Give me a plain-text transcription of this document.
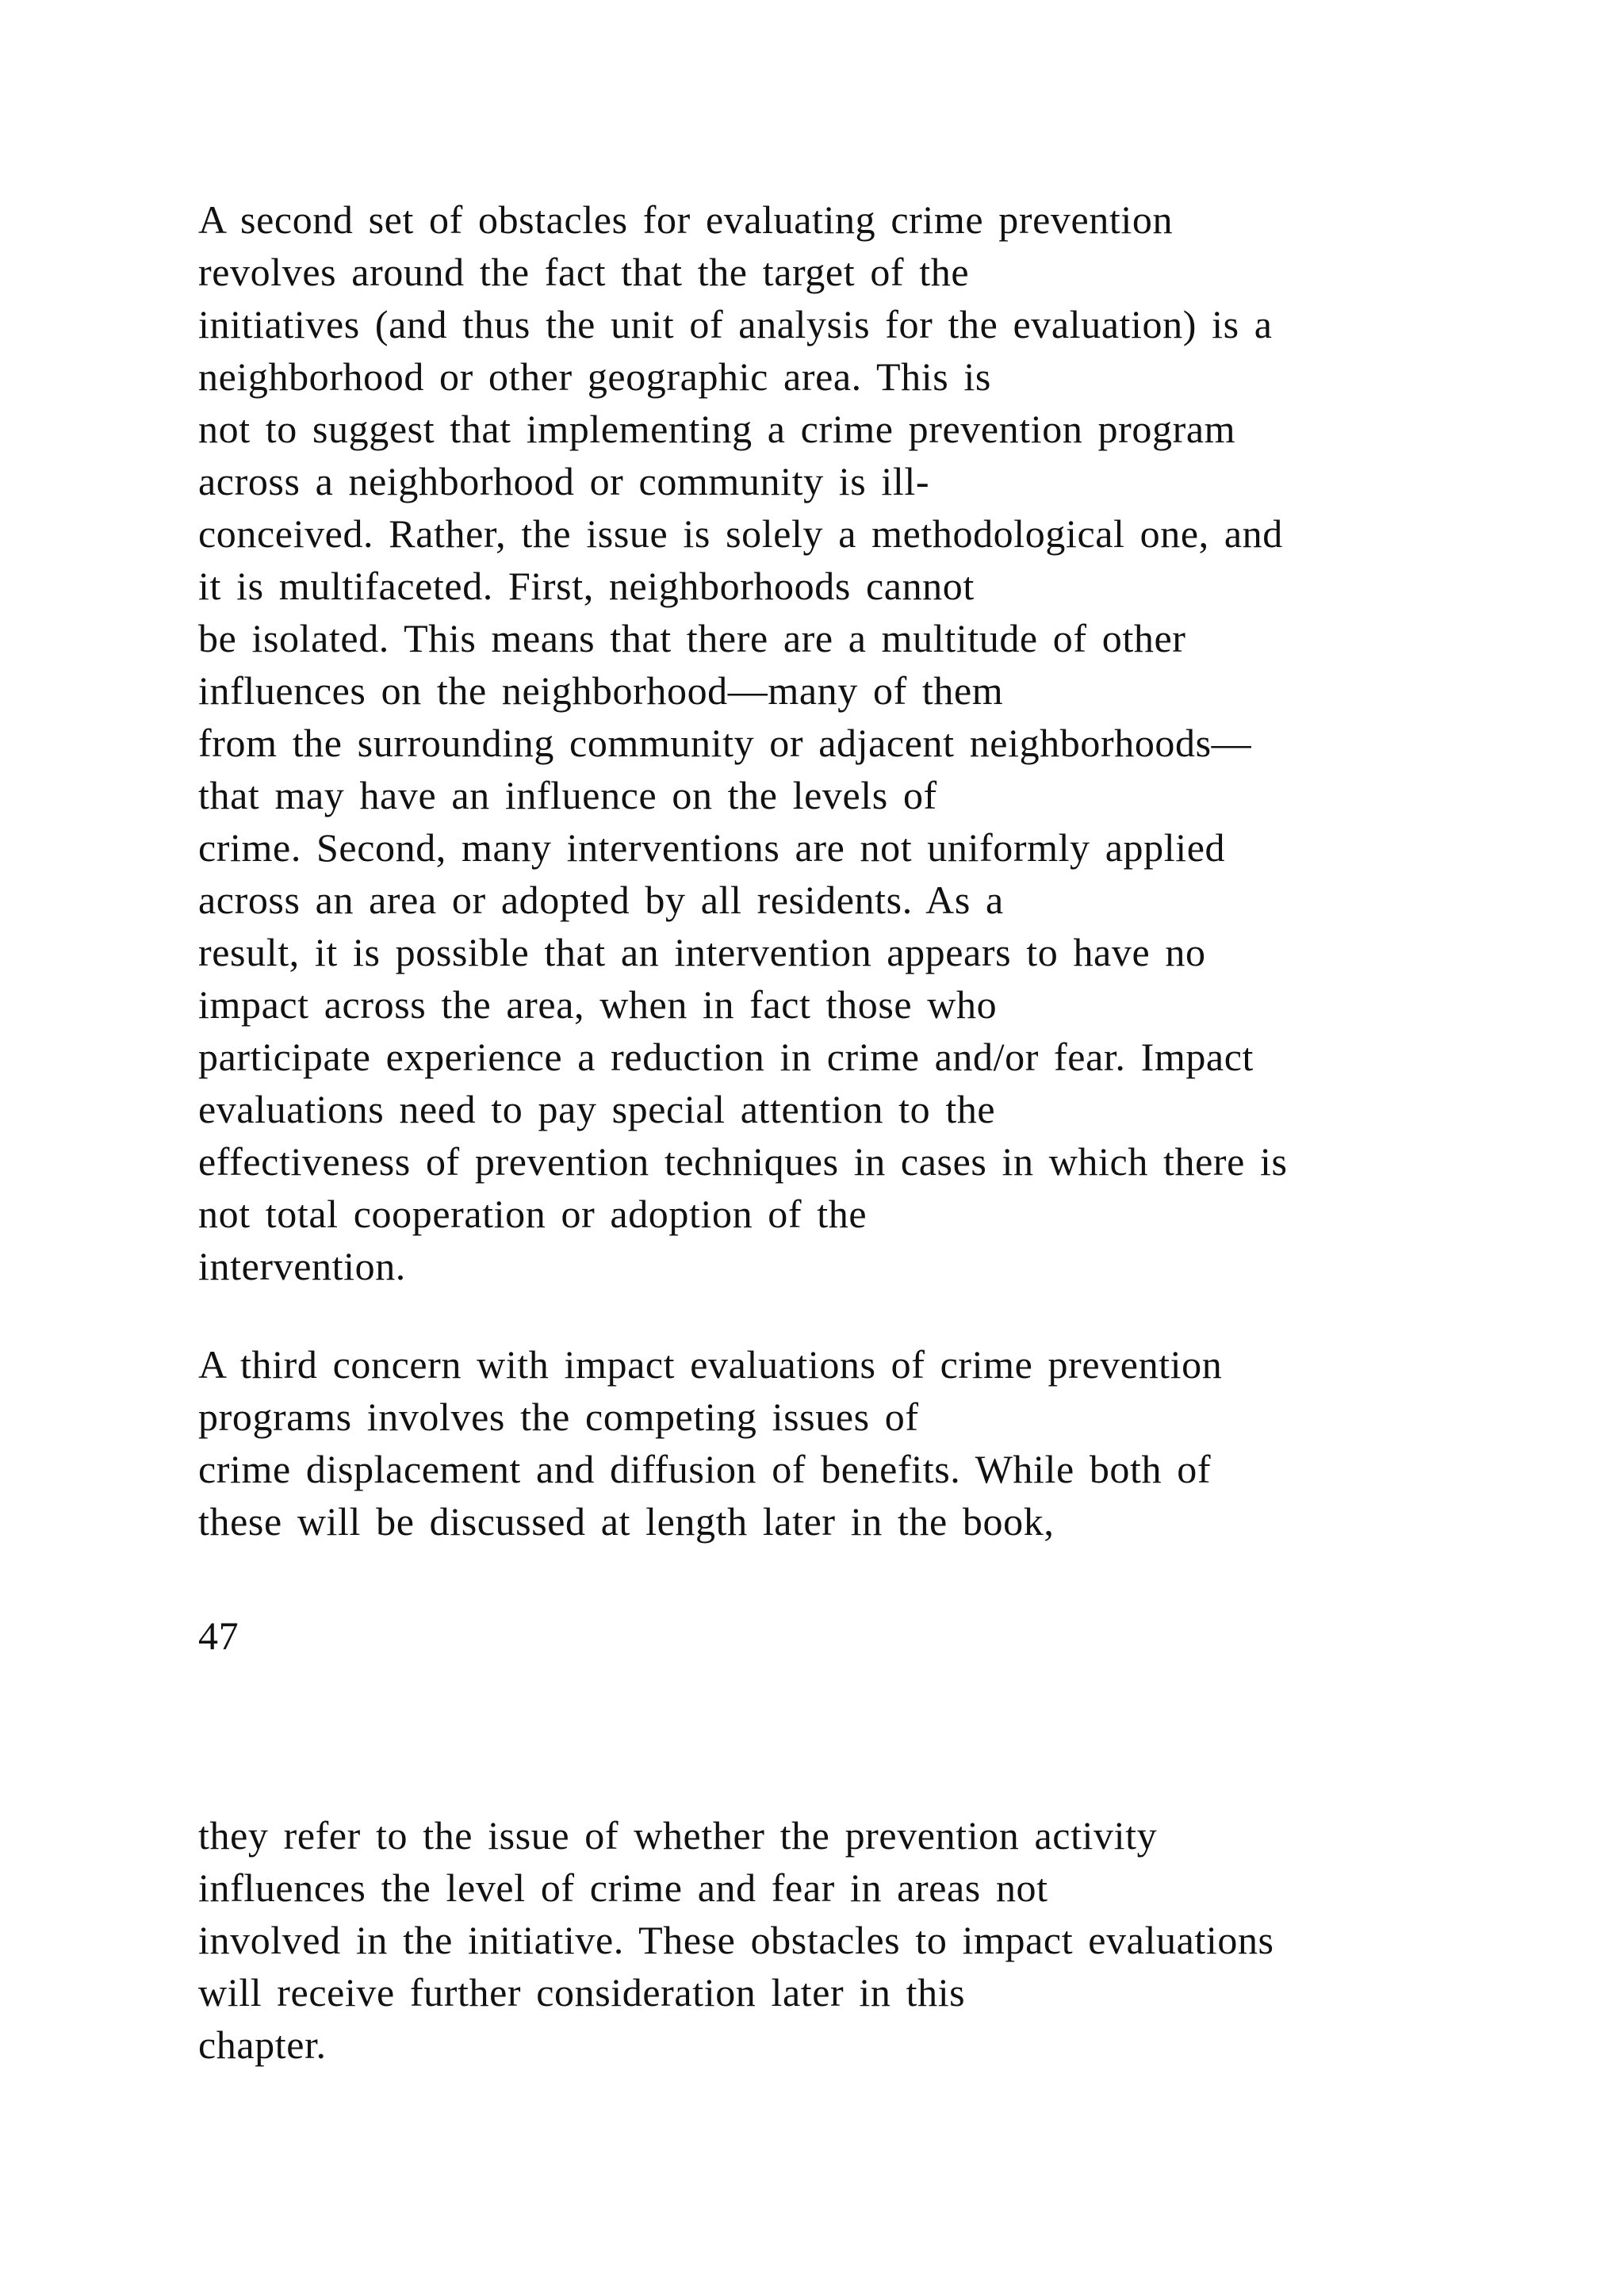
A second set of obstacles for evaluating crime prevention
revolves around the fact that the target of the
initiatives (and thus the unit of analysis for the evaluation) is a
neighborhood or other geographic area. This is
not to suggest that implementing a crime prevention program
across a neighborhood or community is ill-
conceived. Rather, the issue is solely a methodological one, and
it is multifaceted. First, neighborhoods cannot
be isolated. This means that there are a multitude of other
influences on the neighborhood—many of them
from the surrounding community or adjacent neighborhoods—
that may have an influence on the levels of
crime. Second, many interventions are not uniformly applied
across an area or adopted by all residents. As a
result, it is possible that an intervention appears to have no
impact across the area, when in fact those who
participate experience a reduction in crime and/or fear. Impact
evaluations need to pay special attention to the
effectiveness of prevention techniques in cases in which there is
not total cooperation or adoption of the
intervention.
A third concern with impact evaluations of crime prevention
programs involves the competing issues of
crime displacement and diffusion of benefits. While both of
these will be discussed at length later in the book,
47
they refer to the issue of whether the prevention activity
influences the level of crime and fear in areas not
involved in the initiative. These obstacles to impact evaluations
will receive further consideration later in this
chapter.
